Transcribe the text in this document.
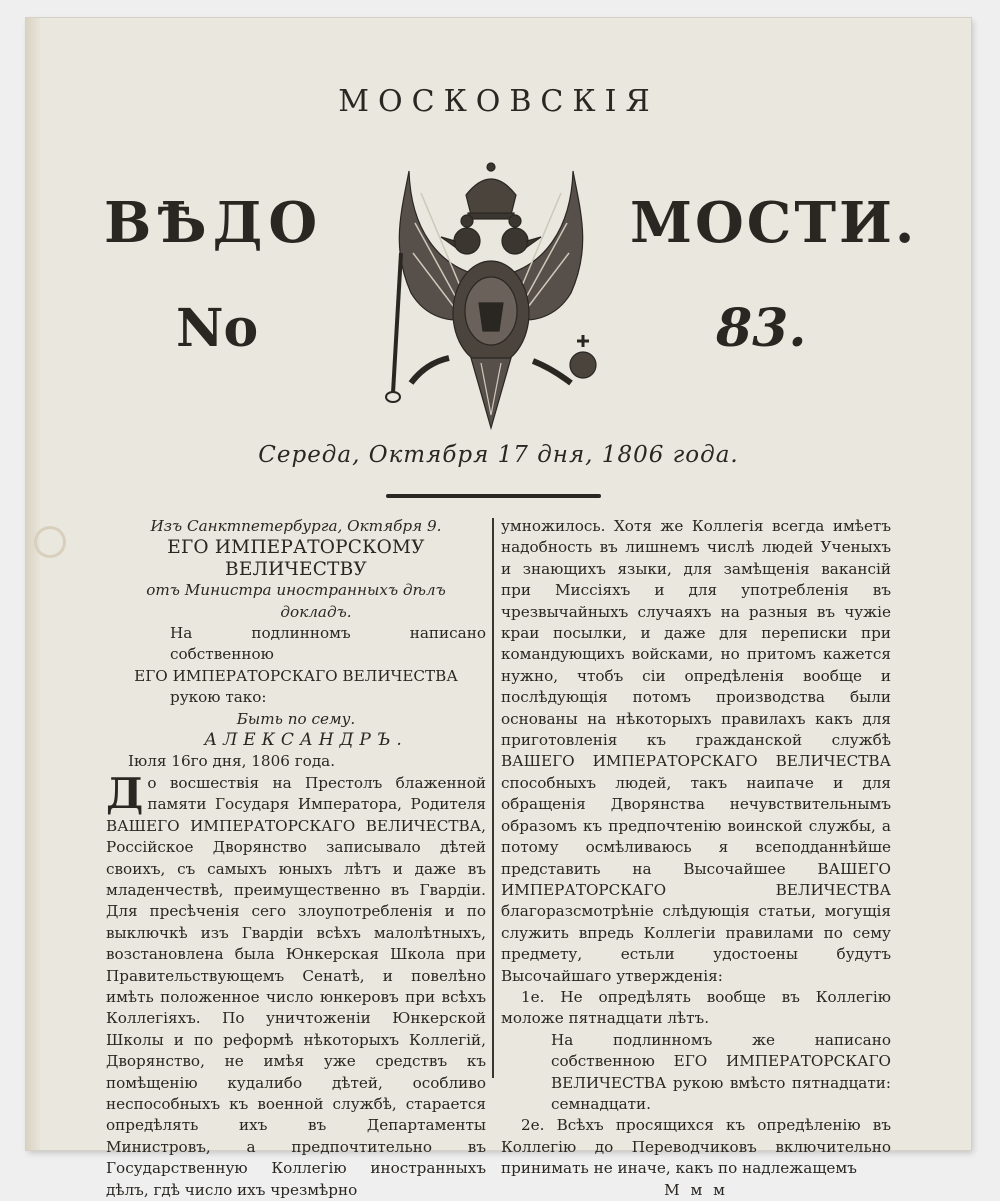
МОСКОВСКІЯ

ВѢДО	МОСТИ.

No	83.

Середа, Октября 17 дня, 1806 года.

Изъ Санктпетербурга, Октября 9.

ЕГО ИМПЕРАТОРСКОМУ ВЕЛИЧЕСТВУ

отъ Министра иностранныхъ дѣлъ

докладъ.

На подлинномъ написано собственною

ЕГО ИМПЕРАТОРСКАГО ВЕЛИЧЕСТВА

рукою тако:

Быть по сему.

АЛЕКСАНДРЪ.

Іюля 16го дня, 1806 года.

До восшествія на Престолъ блаженной памяти Государя Императора, Родителя ВАШЕГО ИМПЕРАТОРСКАГО ВЕЛИЧЕСТВА, Россійское Дворянство записывало дѣтей своихъ, съ самыхъ юныхъ лѣтъ и даже въ младенчествѣ, преимущественно въ Гвардіи. Для пресѣченія сего злоупотребленія и по выключкѣ изъ Гвардіи всѣхъ малолѣтныхъ, возстановлена была Юнкерская Школа при Правительствующемъ Сенатѣ, и повелѣно имѣть положенное число юнкеровъ при всѣхъ Коллегіяхъ. По уничтоженіи Юнкерской Школы и по реформѣ нѣкоторыхъ Коллегій, Дворянство, не имѣя уже средствъ къ помѣщенію кудалибо дѣтей, особливо неспособныхъ къ военной службѣ, старается опредѣлять ихъ въ Департаменты Министровъ, а предпочтительно въ Государственную Коллегію иностранныхъ дѣлъ, гдѣ число ихъ чрезмѣрно

умножилось. Хотя же Коллегія всегда имѣетъ надобность въ лишнемъ числѣ людей Ученыхъ и знающихъ языки, для замѣщенія вакансій при Миссіяхъ и для употребленія въ чрезвычайныхъ случаяхъ на разныя въ чужіе краи посылки, и даже для переписки при командующихъ войсками, но притомъ кажется нужно, чтобъ сіи опредѣленія вообще и послѣдующія потомъ производства были основаны на нѣкоторыхъ правилахъ какъ для приготовленія къ гражданской службѣ ВАШЕГО ИМПЕРАТОРСКАГО ВЕЛИЧЕСТВА способныхъ людей, такъ наипаче и для обращенія Дворянства нечувствительнымъ образомъ къ предпочтенію воинской службы, а потому осмѣливаюсь я всеподданнѣйше представить на Высочайшее ВАШЕГО ИМПЕРАТОРСКАГО ВЕЛИЧЕСТВА благоразсмотрѣніе слѣдующія статьи, могущія служить впредь Коллегіи правилами по сему предмету, естьли удостоены будутъ Высочайшаго утвержденія:

1е. Не опредѣлять вообще въ Коллегію моложе пятнадцати лѣтъ.

На подлинномъ же написано собственною ЕГО ИМПЕРАТОРСКАГО ВЕЛИЧЕСТВА рукою вмѣсто пятнадцати: семнадцати.

2е. Всѣхъ просящихся къ опредѣленію въ Коллегію до Переводчиковъ включительно принимать не иначе, какъ по надлежащемъ

М м м
